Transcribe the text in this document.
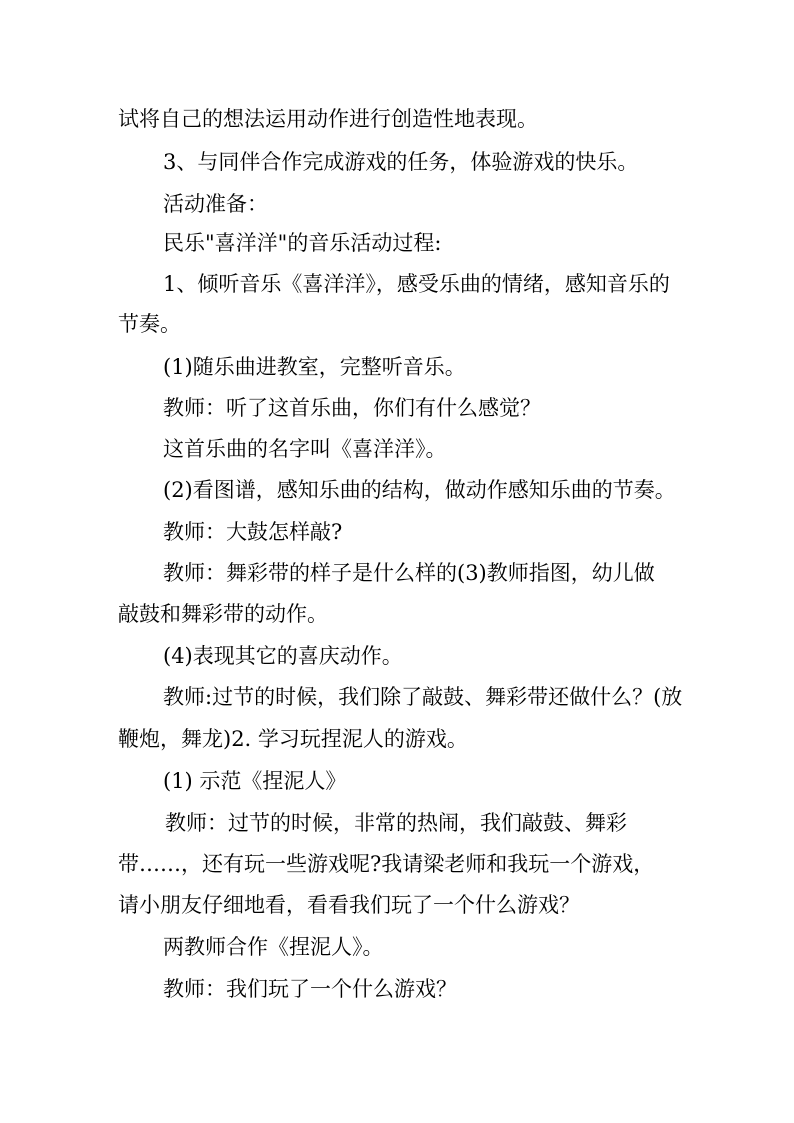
试将自己的想法运用动作进行创造性地表现。
3、与同伴合作完成游戏的任务，体验游戏的快乐。
活动准备：
民乐"喜洋洋"的音乐活动过程:
1、倾听音乐《喜洋洋》，感受乐曲的情绪，感知音乐的
节奏。
(1)随乐曲进教室，完整听音乐。
教师：听了这首乐曲，你们有什么感觉？
这首乐曲的名字叫《喜洋洋》。
(2)看图谱，感知乐曲的结构，做动作感知乐曲的节奏。
教师：大鼓怎样敲?
教师：舞彩带的样子是什么样的(3)教师指图，幼儿做
敲鼓和舞彩带的动作。
(4)表现其它的喜庆动作。
教师:过节的时候，我们除了敲鼓、舞彩带还做什么？(放
鞭炮，舞龙)2. 学习玩捏泥人的游戏。
(1) 示范《捏泥人》
教师：过节的时候，非常的热闹，我们敲鼓、舞彩
带……，还有玩一些游戏呢?我请梁老师和我玩一个游戏，
请小朋友仔细地看，看看我们玩了一个什么游戏？
两教师合作《捏泥人》。
教师：我们玩了一个什么游戏？
